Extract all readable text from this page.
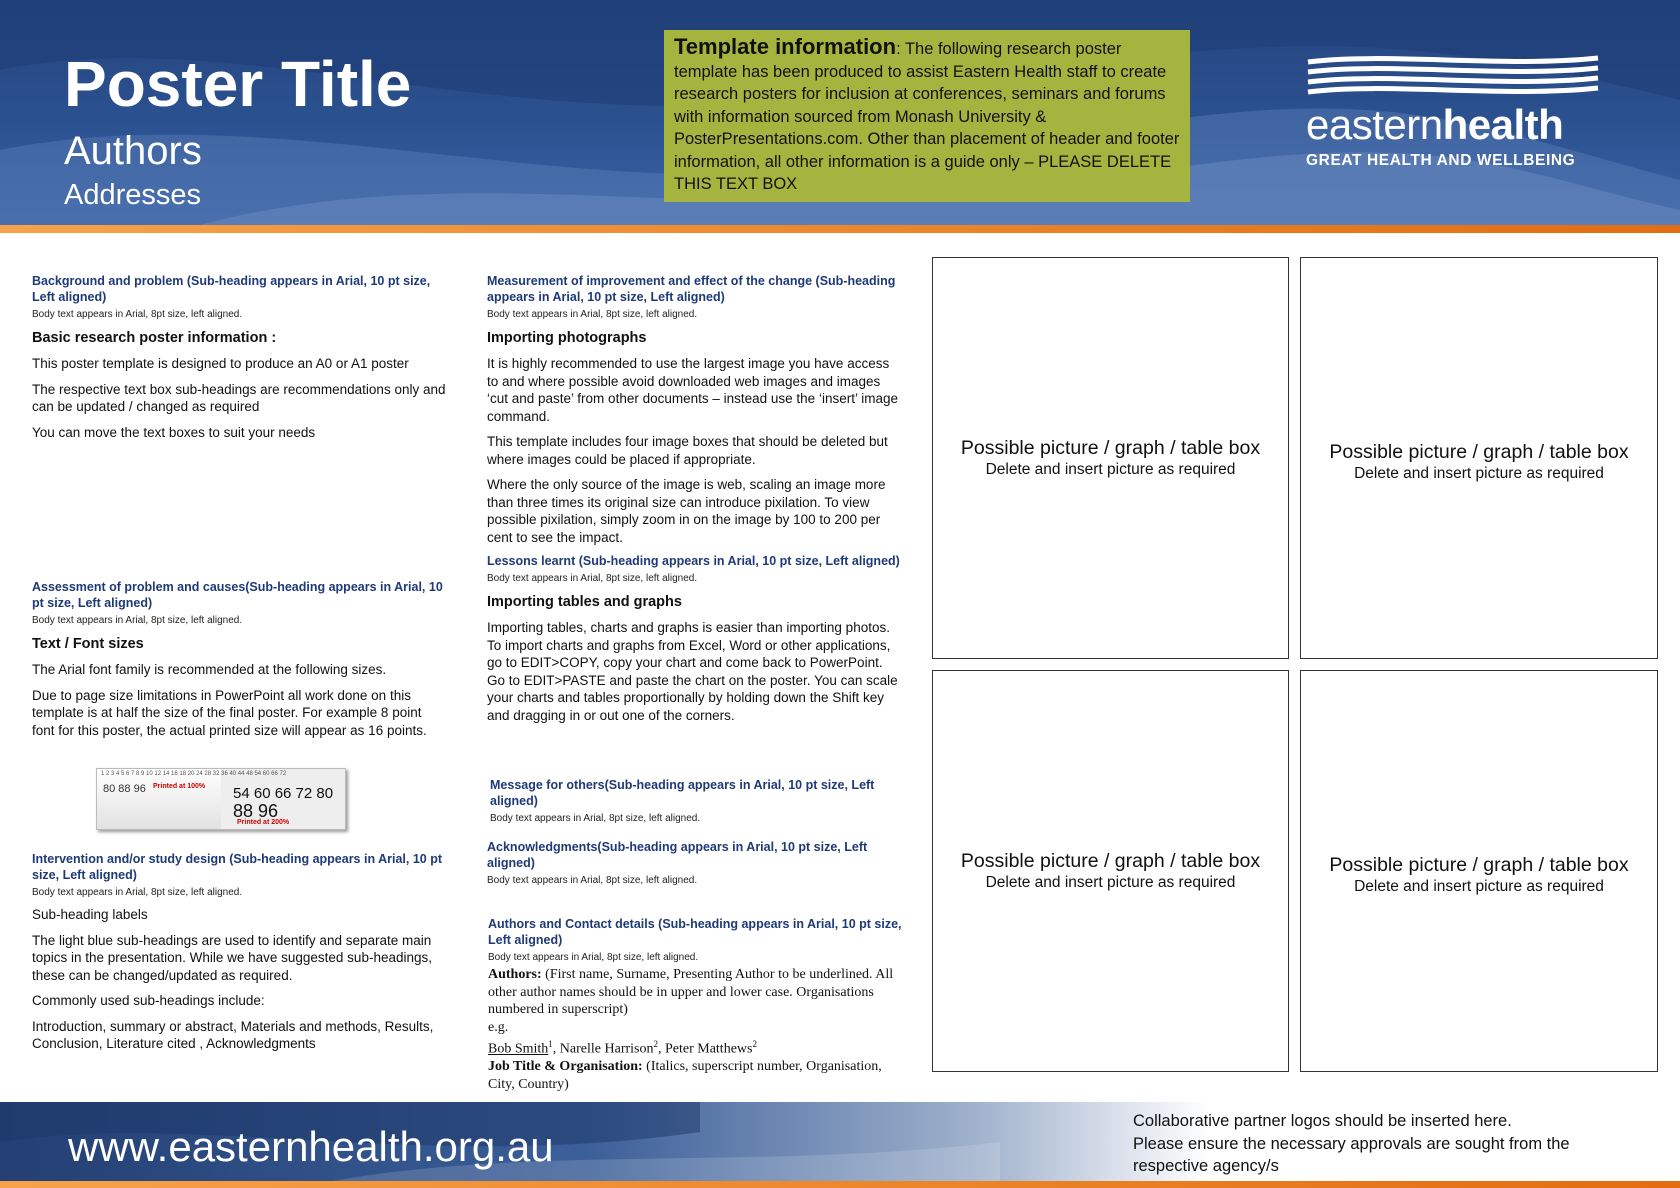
Poster Title
Authors
Addresses
Template information: The following research poster template has been produced to assist Eastern Health staff to create research posters for inclusion at conferences, seminars and forums with information sourced from Monash University & PosterPresentations.com. Other than placement of header and footer information, all other information is a guide only – PLEASE DELETE THIS TEXT BOX
easternhealth
GREAT HEALTH AND WELLBEING

Background and problem (Sub-heading appears in Arial, 10 pt size, Left aligned)

Body text appears in Arial, 8pt size, left aligned.

Basic research poster information :

This poster template is designed to produce an A0 or A1 poster

The respective text box sub-headings are recommendations only and can be updated / changed as required

You can move the text boxes to suit your needs

Assessment of problem and causes(Sub-heading appears in Arial, 10 pt size, Left aligned)

Body text appears in Arial, 8pt size, left aligned.

Text / Font sizes

The Arial font family is recommended at the following sizes.

Due to page size limitations in PowerPoint all work done on this template is at half the size of the final poster. For example 8 point font for this poster, the actual printed size will appear as 16 points.

1 2 3 4 5 6 7 8 9 10 12 14 16 18 20 24 28 32 36 40 44 48 54 60 66 72
80 88 96 Printed at 100% 54 60 66 72 80
88 96
Printed at 200%

Intervention and/or study design (Sub-heading appears in Arial, 10 pt size, Left aligned)

Body text appears in Arial, 8pt size, left aligned.

Sub-heading labels

The light blue sub-headings are used to identify and separate main topics in the presentation. While we have suggested sub-headings, these can be changed/updated as required.

Commonly used sub-headings include:

Introduction, summary or abstract, Materials and methods, Results, Conclusion, Literature cited , Acknowledgments

Measurement of improvement and effect of the change (Sub-heading appears in Arial, 10 pt size, Left aligned)

Body text appears in Arial, 8pt size, left aligned.

Importing photographs

It is highly recommended to use the largest image you have access to and where possible avoid downloaded web images and images ‘cut and paste’ from other documents – instead use the ‘insert’ image command.

This template includes four image boxes that should be deleted but where images could be placed if appropriate.

Where the only source of the image is web, scaling an image more than three times its original size can introduce pixilation. To view possible pixilation, simply zoom in on the image by 100 to 200 per cent to see the impact.

Lessons learnt (Sub-heading appears in Arial, 10 pt size, Left aligned)

Body text appears in Arial, 8pt size, left aligned.

Importing tables and graphs

Importing tables, charts and graphs is easier than importing photos. To import charts and graphs from Excel, Word or other applications, go to EDIT>COPY, copy your chart and come back to PowerPoint. Go to EDIT>PASTE and paste the chart on the poster. You can scale your charts and tables proportionally by holding down the Shift key and dragging in or out one of the corners.

Message for others(Sub-heading appears in Arial, 10 pt size, Left aligned)

Body text appears in Arial, 8pt size, left aligned.

Acknowledgments(Sub-heading appears in Arial, 10 pt size, Left aligned)

Body text appears in Arial, 8pt size, left aligned.

Authors and Contact details (Sub-heading appears in Arial, 10 pt size, Left aligned)

Body text appears in Arial, 8pt size, left aligned.

Authors: (First name, Surname, Presenting Author to be underlined. All other author names should be in upper and lower case. Organisations numbered in superscript)

e.g.

Bob Smith$^1$, Narelle Harrison$^2$, Peter Matthews$^2$

Job Title & Organisation: (Italics, superscript number, Organisation, City, Country)

Possible picture / graph / table box
Delete and insert picture as required
Possible picture / graph / table box
Delete and insert picture as required
Possible picture / graph / table box
Delete and insert picture as required
Possible picture / graph / table box
Delete and insert picture as required
www.easternhealth.org.au
Collaborative partner logos should be inserted here.
Please ensure the necessary approvals are sought from the respective agency/s
